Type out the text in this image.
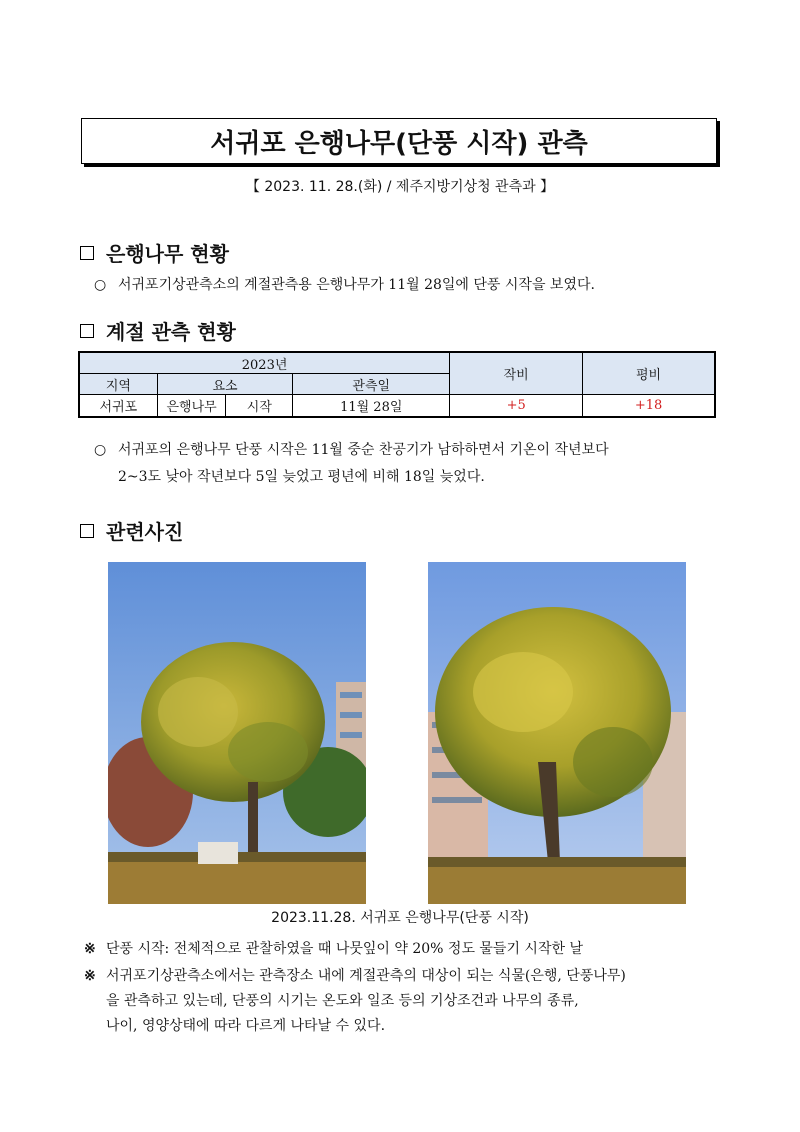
서귀포 은행나무(단풍 시작) 관측
【 2023. 11. 28.(화) / 제주지방기상청 관측과 】
은행나무 현황
○ 서귀포기상관측소의 계절관측용 은행나무가 11월 28일에 단풍 시작을 보였다.
계절 관측 현황
2023년				작비	평비
지역	요소		관측일		
서귀포	은행나무	시작	11월 28일	+5	+18
○ 서귀포의 은행나무 단풍 시작은 11월 중순 찬공기가 남하하면서 기온이 작년보다
2~3도 낮아 작년보다 5일 늦었고 평년에 비해 18일 늦었다.
관련사진
2023.11.28. 서귀포 은행나무(단풍 시작)
※ 단풍 시작: 전체적으로 관찰하였을 때 나뭇잎이 약 20% 정도 물들기 시작한 날
※ 서귀포기상관측소에서는 관측장소 내에 계절관측의 대상이 되는 식물(은행, 단풍나무)
을 관측하고 있는데, 단풍의 시기는 온도와 일조 등의 기상조건과 나무의 종류,
나이, 영양상태에 따라 다르게 나타날 수 있다.
